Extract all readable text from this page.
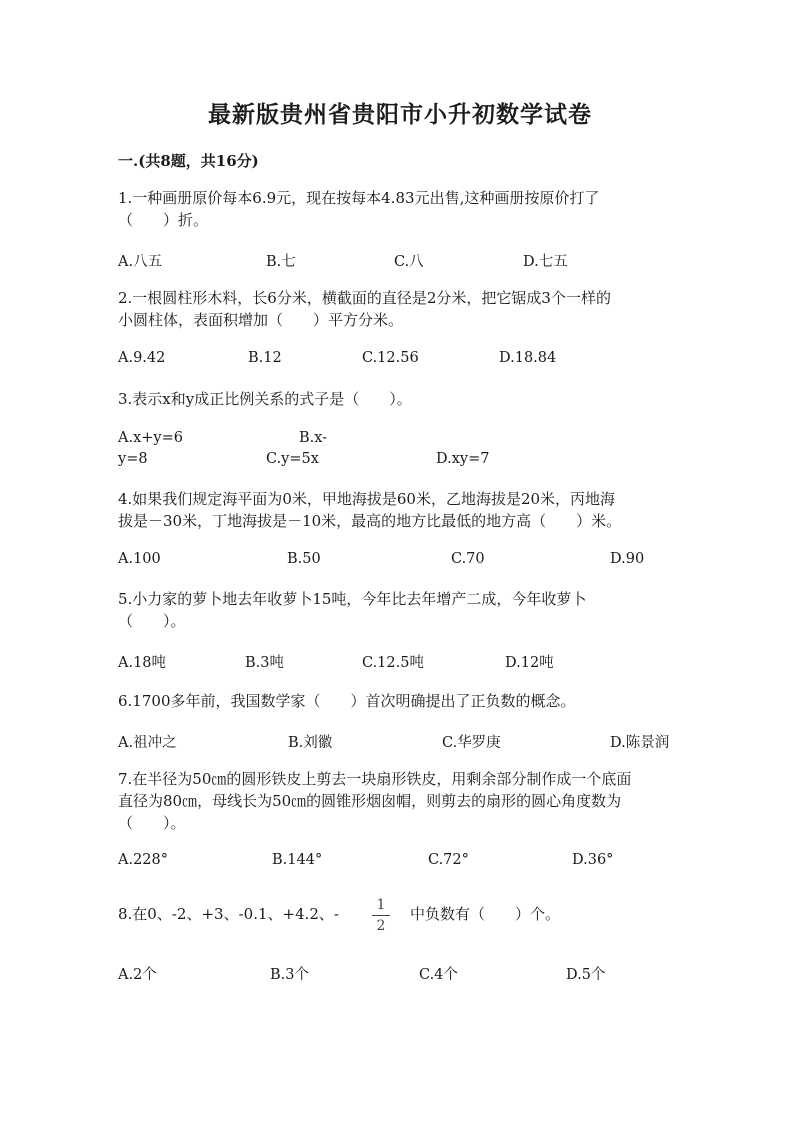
最新版贵州省贵阳市小升初数学试卷
一.(共8题，共16分)
1.一种画册原价每本6.9元，现在按每本4.83元出售,这种画册按原价打了
（　　）折。
A.八五	B.七	C.八	D.七五
2.一根圆柱形木料，长6分米，横截面的直径是2分米，把它锯成3个一样的
小圆柱体，表面积增加（　　）平方分米。
A.9.42	B.12	C.12.56	D.18.84
3.表示x和y成正比例关系的式子是（　　）。
A.x+y=6	B.x-
y=8	C.y=5x	D.xy=7
4.如果我们规定海平面为0米，甲地海拔是60米，乙地海拔是20米，丙地海
拔是－30米，丁地海拔是－10米，最高的地方比最低的地方高（　　）米。
A.100	B.50	C.70	D.90
5.小力家的萝卜地去年收萝卜15吨，今年比去年增产二成，今年收萝卜
（　　）。
A.18吨	B.3吨	C.12.5吨	D.12吨
6.1700多年前，我国数学家（　　）首次明确提出了正负数的概念。
A.祖冲之	B.刘徽	C.华罗庚	D.陈景润
7.在半径为50㎝的圆形铁皮上剪去一块扇形铁皮，用剩余部分制作成一个底面
直径为80㎝，母线长为50㎝的圆锥形烟囱帽，则剪去的扇形的圆心角度数为
（　　）。
A.228°	B.144°	C.72°	D.36°
8.在0、-2、+3、-0.1、+4.2、-	1
2
中负数有（　　）个。
A.2个	B.3个	C.4个	D.5个
